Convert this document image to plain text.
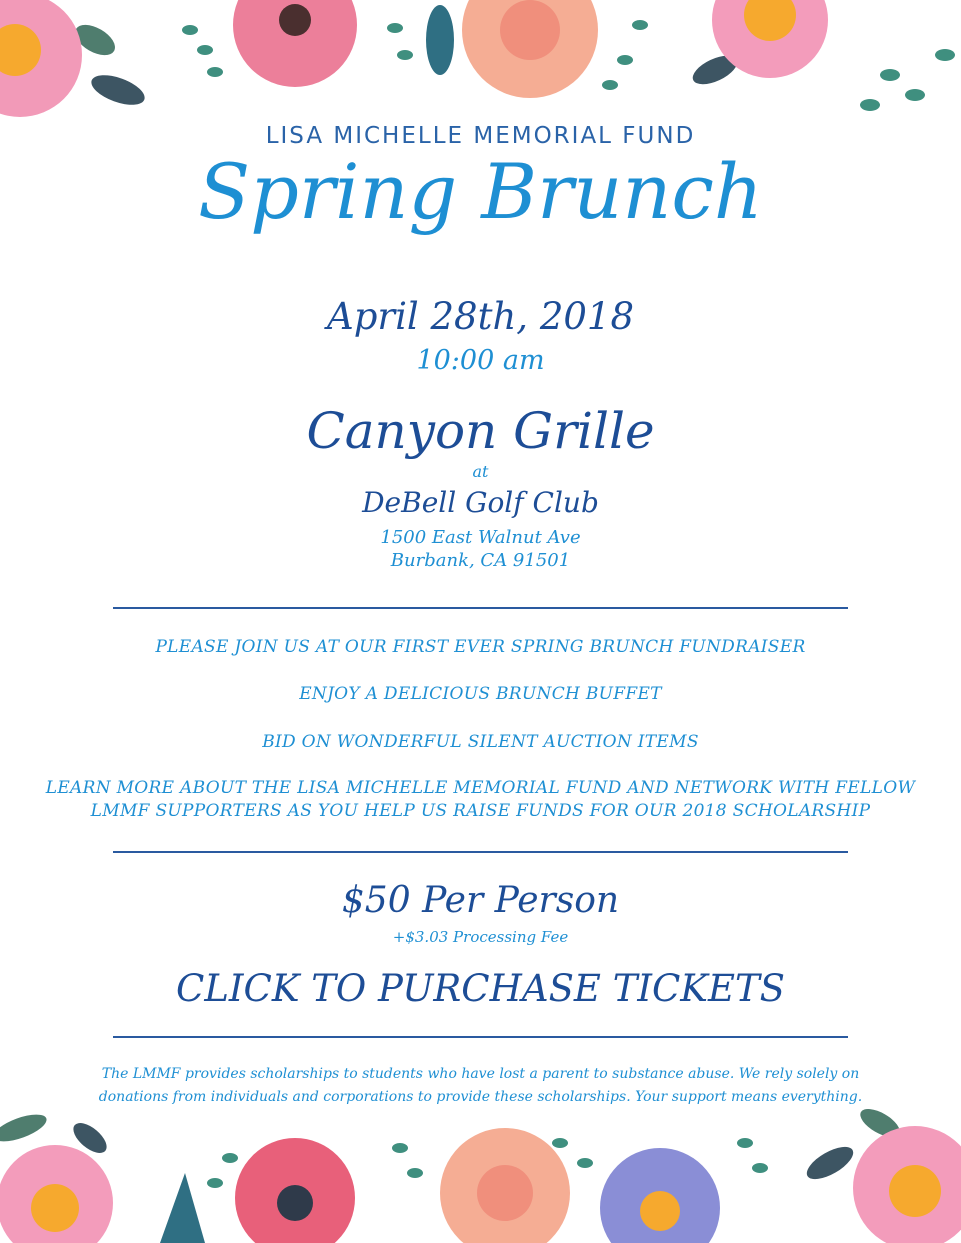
LISA MICHELLE MEMORIAL FUND
Spring Brunch
April 28th, 2018
10:00 am
Canyon Grille
at
DeBell Golf Club
1500 East Walnut Ave
Burbank, CA 91501
PLEASE JOIN US AT OUR FIRST EVER SPRING BRUNCH FUNDRAISER
ENJOY A DELICIOUS BRUNCH BUFFET
BID ON WONDERFUL SILENT AUCTION ITEMS
LEARN MORE ABOUT THE LISA MICHELLE MEMORIAL FUND AND NETWORK WITH FELLOW
LMMF SUPPORTERS AS YOU HELP US RAISE FUNDS FOR OUR 2018 SCHOLARSHIP
$50 Per Person
+$3.03 Processing Fee
CLICK TO PURCHASE TICKETS
The LMMF provides scholarships to students who have lost a parent to substance abuse. We rely solely on
donations from individuals and corporations to provide these scholarships. Your support means everything.
